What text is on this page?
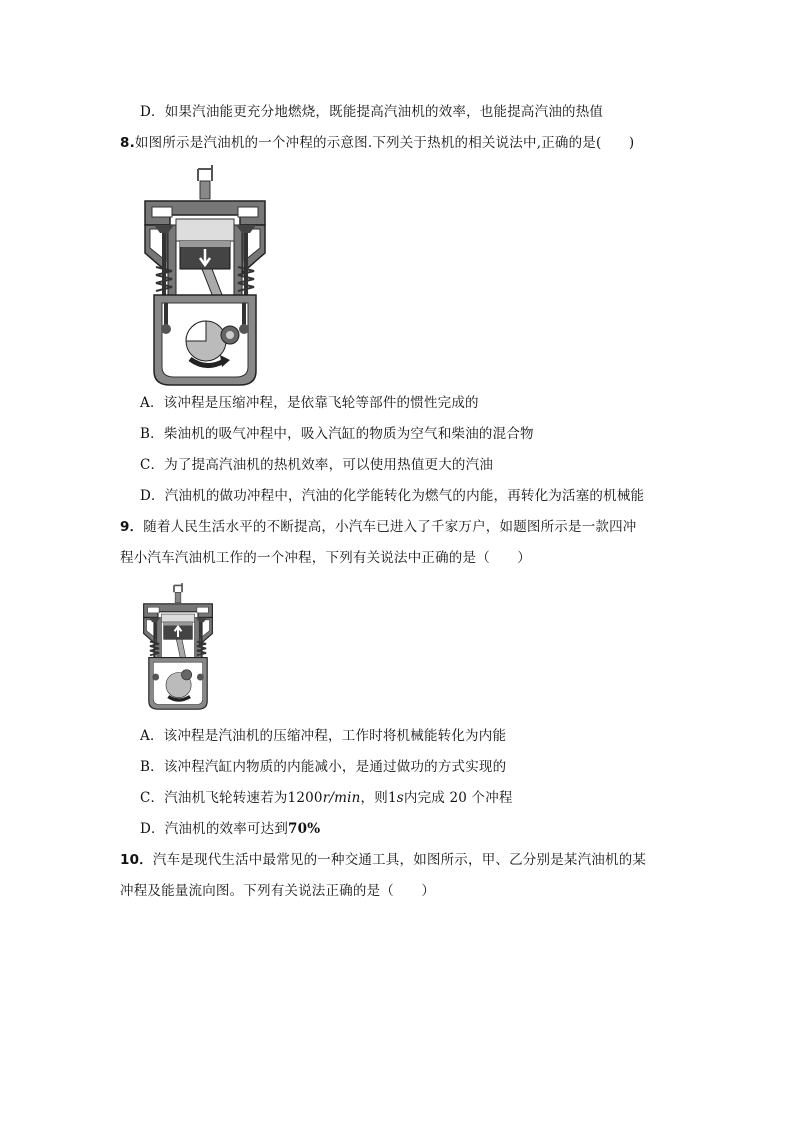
D．如果汽油能更充分地燃烧，既能提高汽油机的效率，也能提高汽油的热值
8.如图所示是汽油机的一个冲程的示意图.下列关于热机的相关说法中,正确的是(　　)
A．该冲程是压缩冲程，是依靠飞轮等部件的惯性完成的
B．柴油机的吸气冲程中，吸入汽缸的物质为空气和柴油的混合物
C．为了提高汽油机的热机效率，可以使用热值更大的汽油
D．汽油机的做功冲程中，汽油的化学能转化为燃气的内能，再转化为活塞的机械能
9．随着人民生活水平的不断提高，小汽车已进入了千家万户，如题图所示是一款四冲
程小汽车汽油机工作的一个冲程，下列有关说法中正确的是（　　）
A．该冲程是汽油机的压缩冲程，工作时将机械能转化为内能
B．该冲程汽缸内物质的内能减小，是通过做功的方式实现的
C．汽油机飞轮转速若为1200r/min，则1s内完成 20 个冲程
D．汽油机的效率可达到70%
10．汽车是现代生活中最常见的一种交通工具，如图所示，甲、乙分别是某汽油机的某
冲程及能量流向图。下列有关说法正确的是（　　）
